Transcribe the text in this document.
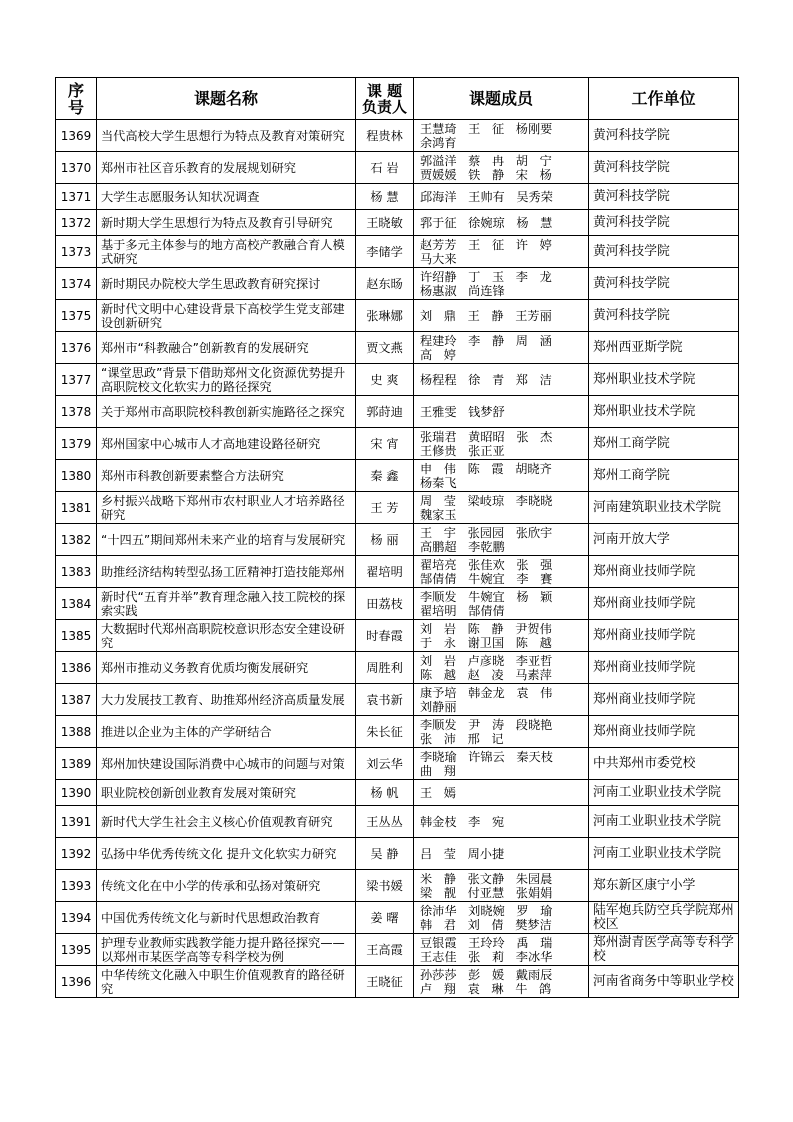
序
号	课题名称	课 题
负责人	课题成员	工作单位
1369	当代高校大学生思想行为特点及教育对策研究	程贵林	王慧琦   王   征   杨刚要
余鸿育	黄河科技学院
1370	郑州市社区音乐教育的发展规划研究	石 岩	郭溢洋   蔡   冉   胡   宁
贾媛媛   铁   静   宋   杨	黄河科技学院
1371	大学生志愿服务认知状况调查	杨 慧	邱海洋   王帅有   吴秀荣	黄河科技学院
1372	新时期大学生思想行为特点及教育引导研究	王晓敏	郛于征   徐婉琼   杨   慧	黄河科技学院
1373	基于多元主体参与的地方高校产教融合育人模式研究	李储学	赵芳芳   王   征   许   婷
马大来	黄河科技学院
1374	新时期民办院校大学生思政教育研究探讨	赵东旸	许绍静   丁   玉   李   龙
杨惠淑   尚连锋	黄河科技学院
1375	新时代文明中心建设背景下高校学生党支部建设创新研究	张琳娜	刘   鼎   王   静   王芳丽	黄河科技学院
1376	郑州市“科教融合”创新教育的发展研究	贾文燕	程建玲   李   静   周   涵
高   婷	郑州西亚斯学院
1377	“课堂思政”背景下借助郑州文化资源优势提升高职院校文化软实力的路径探究	史 爽	杨程程   徐   青   郑   洁	郑州职业技术学院
1378	关于郑州市高职院校科教创新实施路径之探究	郭莳迪	王雅雯   钱梦舒	郑州职业技术学院
1379	郑州国家中心城市人才高地建设路径研究	宋 宵	张瑞君   黄昭昭   张   杰
王修贵   张正亚	郑州工商学院
1380	郑州市科教创新要素整合方法研究	秦 鑫	申   伟   陈   霞   胡晓齐
杨秦飞	郑州工商学院
1381	乡村振兴战略下郑州市农村职业人才培养路径研究	王 芳	周   莹   梁岐琼   李晓晓
魏家玉	河南建筑职业技术学院
1382	“十四五”期间郑州未来产业的培育与发展研究	杨 丽	王   宇   张园园   张欣宇
高鹏超   李乾鹏	河南开放大学
1383	助推经济结构转型弘扬工匠精神打造技能郑州	翟培明	翟培亮   张佳欢   张   强
郜倩倩   牛婉宜   李   賽	郑州商业技师学院
1384	新时代“五育并举”教育理念融入技工院校的探索实践	田荔枝	李顺发   牛婉宜   杨   颖
翟培明   郜倩倩	郑州商业技师学院
1385	大数据时代郑州高职院校意识形态安全建设研究	时春霞	刘   岩   陈   静   尹贺伟
于   永   谢卫国   陈   越	郑州商业技师学院
1386	郑州市推动义务教育优质均衡发展研究	周胜利	刘   岩   卢彦晓   李亚哲
陈   越   赵   凌   马素萍	郑州商业技师学院
1387	大力发展技工教育、助推郑州经济高质量发展	袁书新	康予培   韩金龙   袁   伟
刘静丽	郑州商业技师学院
1388	推进以企业为主体的产学研结合	朱长征	李顺发   尹   涛   段晓艳
张   沛   邢   记	郑州商业技师学院
1389	郑州加快建设国际消费中心城市的问题与对策	刘云华	李晓瑜   许锦云   秦天枝
曲   翔	中共郑州市委党校
1390	职业院校创新创业教育发展对策研究	杨 帆	王   嫣	河南工业职业技术学院
1391	新时代大学生社会主义核心价值观教育研究	王丛丛	韩金枝   李   宛	河南工业职业技术学院
1392	弘扬中华优秀传统文化 提升文化软实力研究	吴 静	吕   莹   周小捷	河南工业职业技术学院
1393	传统文化在中小学的传承和弘扬对策研究	梁书媛	米   静   张文静   朱园晨
梁   靓   付亚慧   张娟娟	郑东新区康宁小学
1394	中国优秀传统文化与新时代思想政治教育	姜 曙	徐沛华   刘晓婉   罗   瑜
韩   君   刘   倩   樊梦洁	陆军炮兵防空兵学院郑州校区
1395	护理专业教师实践教学能力提升路径探究——以郑州市某医学高等专科学校为例	王高霞	豆银霞   王玲玲   禹   瑞
王志佳   张   莉   李冰华	郑州澍青医学高等专科学校
1396	中华传统文化融入中职生价值观教育的路径研究	王晓征	孙莎莎   彭   媛   戴雨辰
卢   翔   袁   琳   牛   鸽	河南省商务中等职业学校
